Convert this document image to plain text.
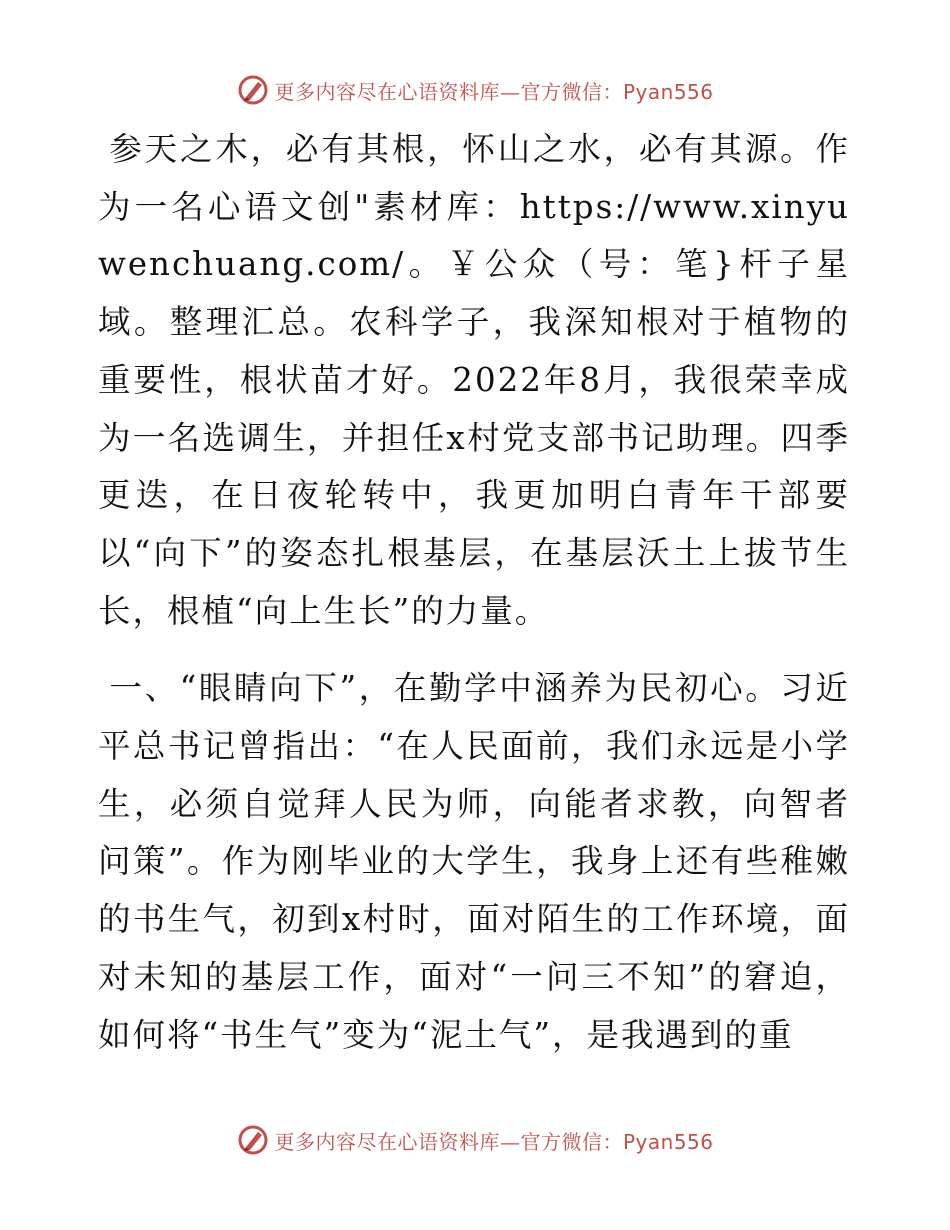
更多内容尽在心语资料库—官方微信：Pyan556

参天之木，必有其根，怀山之水，必有其源。作为一名心语文创"素材库：https://www.xinyuwenchuang.com/。￥公众（号：笔}杆子星域。整理汇总。农科学子，我深知根对于植物的重要性，根状苗才好。2022年8月，我很荣幸成为一名选调生，并担任x村党支部书记助理。四季更迭，在日夜轮转中，我更加明白青年干部要以“向下”的姿态扎根基层，在基层沃土上拔节生长，根植“向上生长”的力量。

一、“眼睛向下”，在勤学中涵养为民初心。习近平总书记曾指出：“在人民面前，我们永远是小学生，必须自觉拜人民为师，向能者求教，向智者问策”。作为刚毕业的大学生，我身上还有些稚嫩的书生气，初到x村时，面对陌生的工作环境，面对未知的基层工作，面对“一问三不知”的窘迫，如何将“书生气”变为“泥土气”，是我遇到的重

更多内容尽在心语资料库—官方微信：Pyan556
